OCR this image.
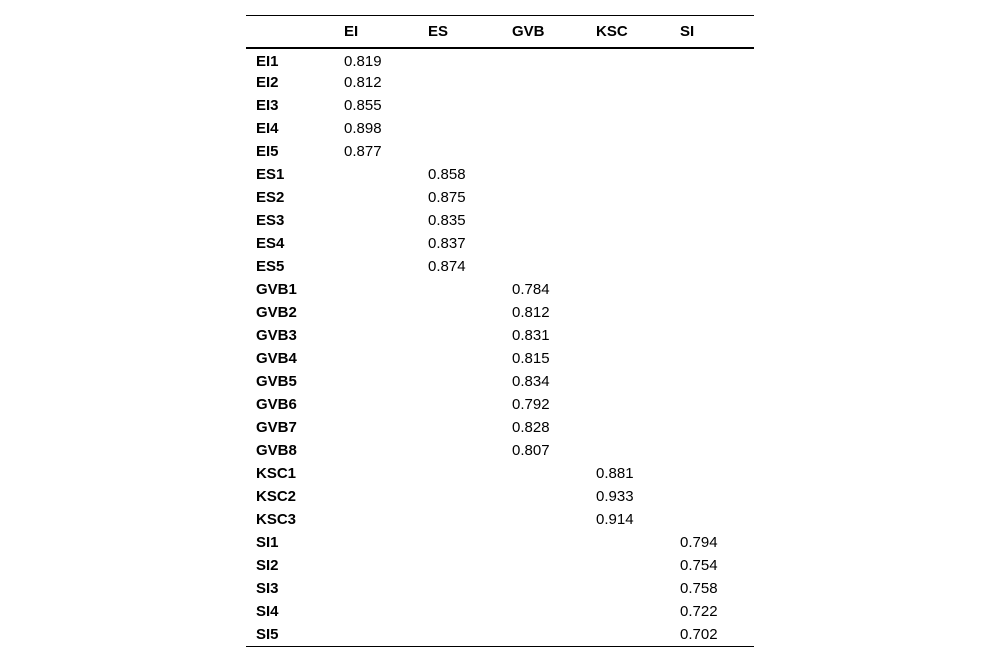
	EI	ES	GVB	KSC	SI
EI1	0.819				
EI2	0.812				
EI3	0.855				
EI4	0.898				
EI5	0.877				
ES1		0.858			
ES2		0.875			
ES3		0.835			
ES4		0.837			
ES5		0.874			
GVB1			0.784		
GVB2			0.812		
GVB3			0.831		
GVB4			0.815		
GVB5			0.834		
GVB6			0.792		
GVB7			0.828		
GVB8			0.807		
KSC1				0.881	
KSC2				0.933	
KSC3				0.914	
SI1					0.794
SI2					0.754
SI3					0.758
SI4					0.722
SI5					0.702
